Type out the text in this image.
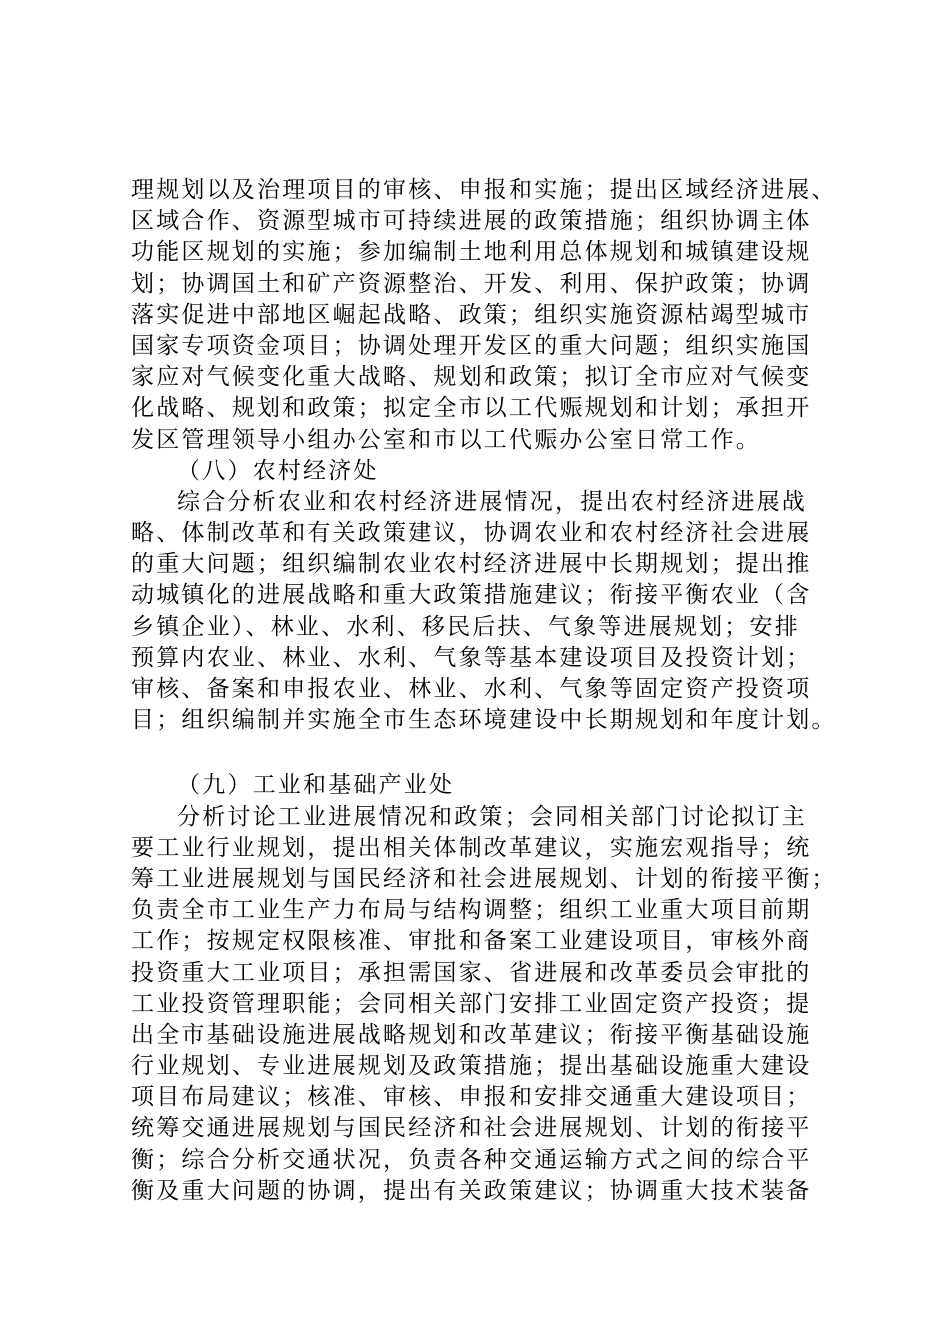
理规划以及治理项目的审核、申报和实施；提出区域经济进展、
区域合作、资源型城市可持续进展的政策措施；组织协调主体
功能区规划的实施；参加编制土地利用总体规划和城镇建设规
划；协调国土和矿产资源整治、开发、利用、保护政策；协调
落实促进中部地区崛起战略、政策；组织实施资源枯竭型城市
国家专项资金项目；协调处理开发区的重大问题；组织实施国
家应对气候变化重大战略、规划和政策；拟订全市应对气候变
化战略、规划和政策；拟定全市以工代赈规划和计划；承担开
发区管理领导小组办公室和市以工代赈办公室日常工作。
（八）农村经济处
综合分析农业和农村经济进展情况，提出农村经济进展战
略、体制改革和有关政策建议，协调农业和农村经济社会进展
的重大问题；组织编制农业农村经济进展中长期规划；提出推
动城镇化的进展战略和重大政策措施建议；衔接平衡农业（含
乡镇企业）、林业、水利、移民后扶、气象等进展规划；安排
预算内农业、林业、水利、气象等基本建设项目及投资计划；
审核、备案和申报农业、林业、水利、气象等固定资产投资项
目；组织编制并实施全市生态环境建设中长期规划和年度计划。
（九）工业和基础产业处
分析讨论工业进展情况和政策；会同相关部门讨论拟订主
要工业行业规划，提出相关体制改革建议，实施宏观指导；统
筹工业进展规划与国民经济和社会进展规划、计划的衔接平衡；
负责全市工业生产力布局与结构调整；组织工业重大项目前期
工作；按规定权限核准、审批和备案工业建设项目，审核外商
投资重大工业项目；承担需国家、省进展和改革委员会审批的
工业投资管理职能；会同相关部门安排工业固定资产投资；提
出全市基础设施进展战略规划和改革建议；衔接平衡基础设施
行业规划、专业进展规划及政策措施；提出基础设施重大建设
项目布局建议；核准、审核、申报和安排交通重大建设项目；
统筹交通进展规划与国民经济和社会进展规划、计划的衔接平
衡；综合分析交通状况，负责各种交通运输方式之间的综合平
衡及重大问题的协调，提出有关政策建议；协调重大技术装备
